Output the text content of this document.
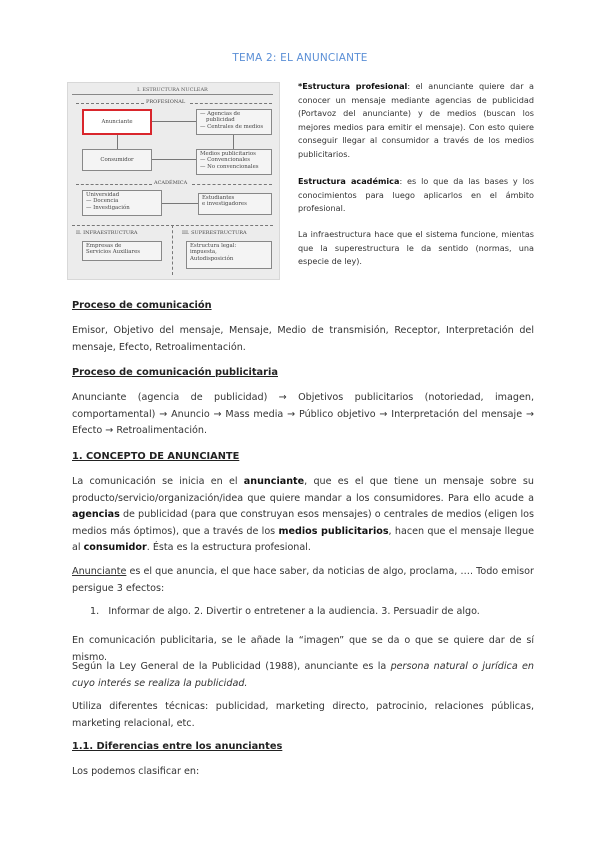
TEMA 2: EL ANUNCIANTE
I. ESTRUCTURA NUCLEAR
PROFESIONAL
Anunciante
— Agencias de
publicidad
— Centrales de medios
Consumidor
Medios publicitarios
— Convencionales
— No convencionales
ACADÉMICA
Universidad
— Docencia
— Investigación
Estudiantes
e investigadores
II. INFRAESTRUCTURA	III. SUPERESTRUCTURA
Empresas de
Servicios Auxiliares
Estructura legal:
impuesta,
Autodisposición
*Estructura profesional: el anunciante quiere dar a conocer un mensaje mediante agencias de publicidad (Portavoz del anunciante) y de medios (buscan los mejores medios para emitir el mensaje). Con esto quiere conseguir llegar al consumidor a través de los medios publicitarios.
Estructura académica: es lo que da las bases y los conocimientos para luego aplicarlos en el ámbito profesional.
La infraestructura hace que el sistema funcione, mientas que la superestructura le da sentido (normas, una especie de ley).
Proceso de comunicación
Emisor, Objetivo del mensaje, Mensaje, Medio de transmisión, Receptor, Interpretación del mensaje, Efecto, Retroalimentación.
Proceso de comunicación publicitaria
Anunciante (agencia de publicidad) → Objetivos publicitarios (notoriedad, imagen, comportamental) → Anuncio → Mass media → Público objetivo → Interpretación del mensaje → Efecto → Retroalimentación.
1. CONCEPTO DE ANUNCIANTE
La comunicación se inicia en el anunciante, que es el que tiene un mensaje sobre su producto/servicio/organización/idea que quiere mandar a los consumidores. Para ello acude a agencias de publicidad (para que construyan esos mensajes) o centrales de medios (eligen los medios más óptimos), que a través de los medios publicitarios, hacen que el mensaje llegue al consumidor. Ésta es la estructura profesional.
Anunciante es el que anuncia, el que hace saber, da noticias de algo, proclama, …. Todo emisor persigue 3 efectos:
1. Informar de algo. 2. Divertir o entretener a la audiencia. 3. Persuadir de algo.
En comunicación publicitaria, se le añade la “imagen” que se da o que se quiere dar de sí mismo.
Según la Ley General de la Publicidad (1988), anunciante es la persona natural o jurídica en cuyo interés se realiza la publicidad.
Utiliza diferentes técnicas: publicidad, marketing directo, patrocinio, relaciones públicas, marketing relacional, etc.
1.1. Diferencias entre los anunciantes
Los podemos clasificar en:
